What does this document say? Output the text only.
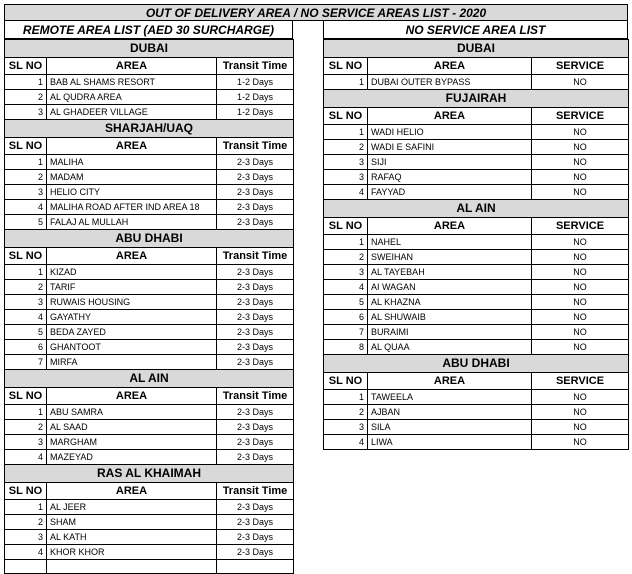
OUT OF DELIVERY AREA / NO SERVICE AREAS LIST - 2020
REMOTE AREA LIST (AED 30 SURCHARGE)
DUBAI		
SL NO	AREA	Transit Time
1	BAB AL SHAMS RESORT	1-2 Days
2	AL QUDRA AREA	1-2 Days
3	AL GHADEER VILLAGE	1-2 Days
SHARJAH/UAQ		
SL NO	AREA	Transit Time
1	MALIHA	2-3 Days
2	MADAM	2-3 Days
3	HELIO CITY	2-3 Days
4	MALIHA ROAD AFTER IND AREA 18	2-3 Days
5	FALAJ AL MULLAH	2-3 Days
ABU DHABI		
SL NO	AREA	Transit Time
1	KIZAD	2-3 Days
2	TARIF	2-3 Days
3	RUWAIS HOUSING	2-3 Days
4	GAYATHY	2-3 Days
5	BEDA ZAYED	2-3 Days
6	GHANTOOT	2-3 Days
7	MIRFA	2-3 Days
AL AIN		
SL NO	AREA	Transit Time
1	ABU SAMRA	2-3 Days
2	AL SAAD	2-3 Days
3	MARGHAM	2-3 Days
4	MAZEYAD	2-3 Days
RAS AL KHAIMAH		
SL NO	AREA	Transit Time
1	AL JEER	2-3 Days
2	SHAM	2-3 Days
3	AL KATH	2-3 Days
4	KHOR KHOR	2-3 Days

NO SERVICE AREA LIST
DUBAI		
SL NO	AREA	SERVICE
1	DUBAI OUTER BYPASS	NO
FUJAIRAH		
SL NO	AREA	SERVICE
1	WADI HELIO	NO
2	WADI E SAFINI	NO
3	SIJI	NO
3	RAFAQ	NO
4	FAYYAD	NO
AL AIN		
SL NO	AREA	SERVICE
1	NAHEL	NO
2	SWEIHAN	NO
3	AL TAYEBAH	NO
4	AI WAGAN	NO
5	AL KHAZNA	NO
6	AL SHUWAIB	NO
7	BURAIMI	NO
8	AL QUAA	NO
ABU DHABI		
SL NO	AREA	SERVICE
1	TAWEELA	NO
2	AJBAN	NO
3	SILA	NO
4	LIWA	NO
